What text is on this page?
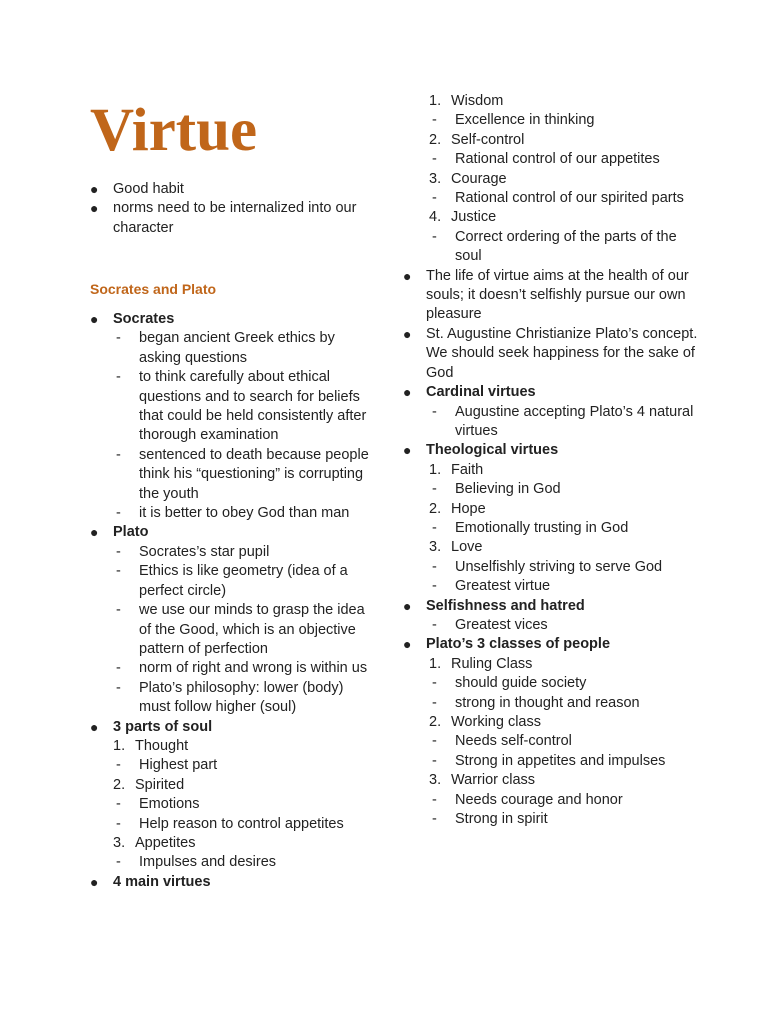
Virtue
● Good habit
● norms need to be internalized into our character
Socrates and Plato
● Socrates
- began ancient Greek ethics by asking questions
- to think carefully about ethical questions and to search for beliefs that could be held consistently after thorough examination
- sentenced to death because people think his “questioning” is corrupting the youth
- it is better to obey God than man
● Plato
- Socrates’s star pupil
- Ethics is like geometry (idea of a perfect circle)
- we use our minds to grasp the idea of the Good, which is an objective pattern of perfection
- norm of right and wrong is within us
- Plato’s philosophy: lower (body) must follow higher (soul)
● 3 parts of soul
1. Thought
- Highest part
2. Spirited
- Emotions
- Help reason to control appetites
3. Appetites
- Impulses and desires
● 4 main virtues
1. Wisdom
- Excellence in thinking
2. Self-control
- Rational control of our appetites
3. Courage
- Rational control of our spirited parts
4. Justice
- Correct ordering of the parts of the soul
● The life of virtue aims at the health of our souls; it doesn’t selfishly pursue our own pleasure
● St. Augustine Christianize Plato’s concept. We should seek happiness for the sake of God
● Cardinal virtues
- Augustine accepting Plato’s 4 natural virtues
● Theological virtues
1. Faith
- Believing in God
2. Hope
- Emotionally trusting in God
3. Love
- Unselfishly striving to serve God
- Greatest virtue
● Selfishness and hatred
- Greatest vices
● Plato’s 3 classes of people
1. Ruling Class
- should guide society
- strong in thought and reason
2. Working class
- Needs self-control
- Strong in appetites and impulses
3. Warrior class
- Needs courage and honor
- Strong in spirit
